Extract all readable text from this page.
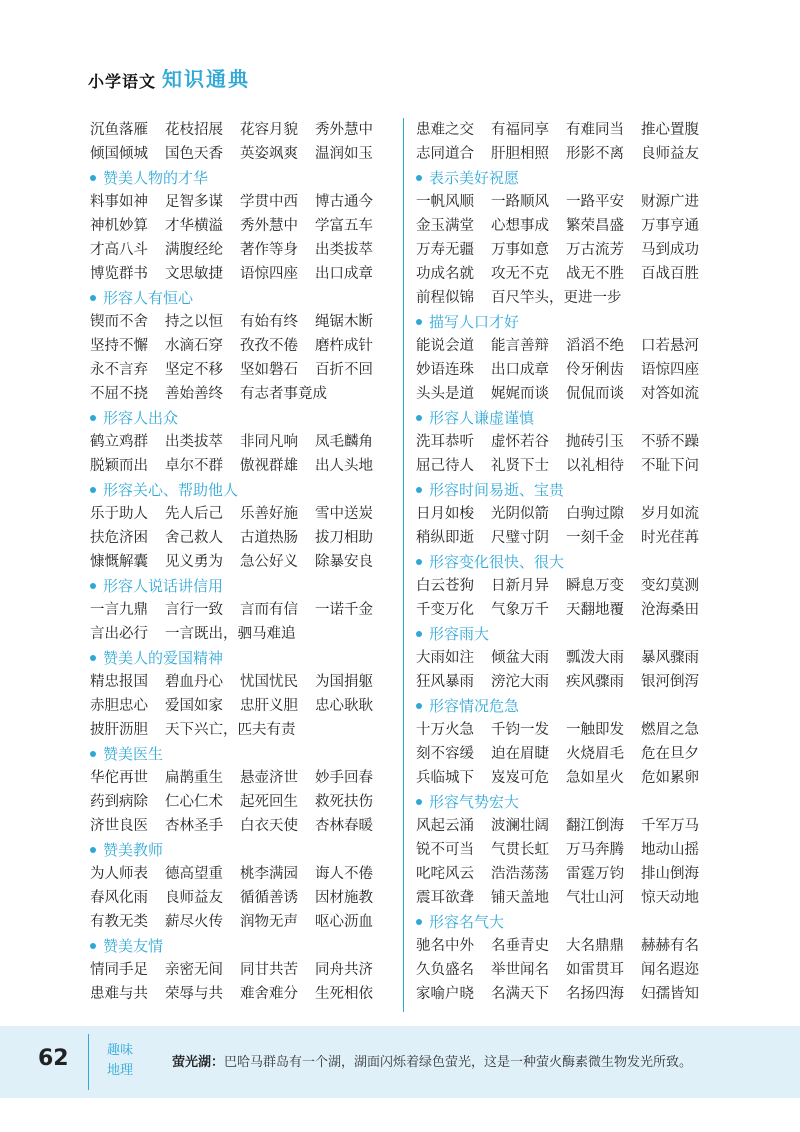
小学语文 知识通典
沉鱼落雁	花枝招展	花容月貌	秀外慧中
倾国倾城	国色天香	英姿飒爽	温润如玉
赞美人物的才华
料事如神	足智多谋	学贯中西	博古通今
神机妙算	才华横溢	秀外慧中	学富五车
才高八斗	满腹经纶	著作等身	出类拔萃
博览群书	文思敏捷	语惊四座	出口成章
形容人有恒心
锲而不舍	持之以恒	有始有终	绳锯木断
坚持不懈	水滴石穿	孜孜不倦	磨杵成针
永不言弃	坚定不移	坚如磐石	百折不回
不屈不挠	善始善终	有志者事竟成
形容人出众
鹤立鸡群	出类拔萃	非同凡响	凤毛麟角
脱颖而出	卓尔不群	傲视群雄	出人头地
形容关心、帮助他人
乐于助人	先人后己	乐善好施	雪中送炭
扶危济困	舍己救人	古道热肠	拔刀相助
慷慨解囊	见义勇为	急公好义	除暴安良
形容人说话讲信用
一言九鼎	言行一致	言而有信	一诺千金
言出必行	一言既出，驷马难追
赞美人的爱国精神
精忠报国	碧血丹心	忧国忧民	为国捐躯
赤胆忠心	爱国如家	忠肝义胆	忠心耿耿
披肝沥胆	天下兴亡，匹夫有责
赞美医生
华佗再世	扁鹊重生	悬壶济世	妙手回春
药到病除	仁心仁术	起死回生	救死扶伤
济世良医	杏林圣手	白衣天使	杏林春暖
赞美教师
为人师表	德高望重	桃李满园	诲人不倦
春风化雨	良师益友	循循善诱	因材施教
有教无类	薪尽火传	润物无声	呕心沥血
赞美友情
情同手足	亲密无间	同甘共苦	同舟共济
患难与共	荣辱与共	难舍难分	生死相依
患难之交	有福同享	有难同当	推心置腹
志同道合	肝胆相照	形影不离	良师益友
表示美好祝愿
一帆风顺	一路顺风	一路平安	财源广进
金玉满堂	心想事成	繁荣昌盛	万事亨通
万寿无疆	万事如意	万古流芳	马到成功
功成名就	攻无不克	战无不胜	百战百胜
前程似锦	百尺竿头，更进一步
描写人口才好
能说会道	能言善辩	滔滔不绝	口若悬河
妙语连珠	出口成章	伶牙俐齿	语惊四座
头头是道	娓娓而谈	侃侃而谈	对答如流
形容人谦虚谨慎
洗耳恭听	虚怀若谷	抛砖引玉	不骄不躁
屈己待人	礼贤下士	以礼相待	不耻下问
形容时间易逝、宝贵
日月如梭	光阴似箭	白驹过隙	岁月如流
稍纵即逝	尺璧寸阴	一刻千金	时光荏苒
形容变化很快、很大
白云苍狗	日新月异	瞬息万变	变幻莫测
千变万化	气象万千	天翻地覆	沧海桑田
形容雨大
大雨如注	倾盆大雨	瓢泼大雨	暴风骤雨
狂风暴雨	滂沱大雨	疾风骤雨	银河倒泻
形容情况危急
十万火急	千钧一发	一触即发	燃眉之急
刻不容缓	迫在眉睫	火烧眉毛	危在旦夕
兵临城下	岌岌可危	急如星火	危如累卵
形容气势宏大
风起云涌	波澜壮阔	翻江倒海	千军万马
锐不可当	气贯长虹	万马奔腾	地动山摇
叱咤风云	浩浩荡荡	雷霆万钧	排山倒海
震耳欲聋	铺天盖地	气壮山河	惊天动地
形容名气大
驰名中外	名垂青史	大名鼎鼎	赫赫有名
久负盛名	举世闻名	如雷贯耳	闻名遐迩
家喻户晓	名满天下	名扬四海	妇孺皆知
62	趣味
地理
萤光湖：巴哈马群岛有一个湖，湖面闪烁着绿色萤光，这是一种萤火酶素微生物发光所致。
